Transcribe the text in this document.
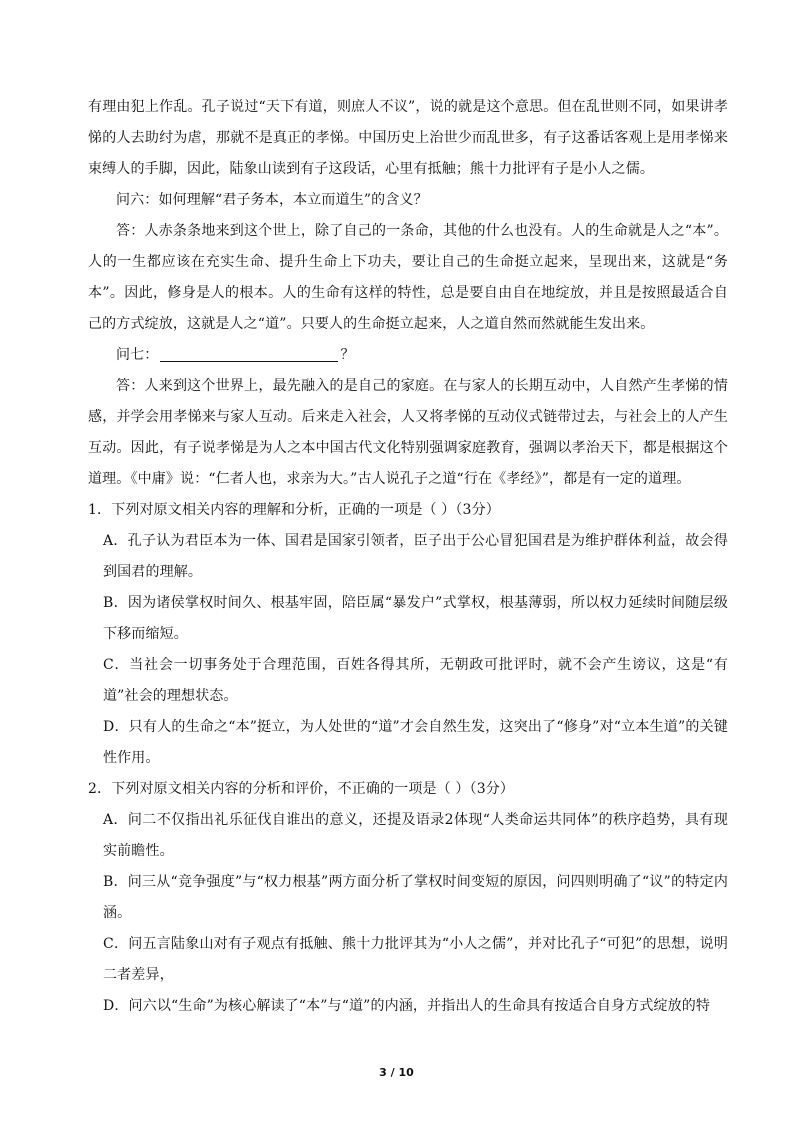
有理由犯上作乱。孔子说过“天下有道，则庶人不议”，说的就是这个意思。但在乱世则不同，如果讲孝悌的人去助纣为虐，那就不是真正的孝悌。中国历史上治世少而乱世多，有子这番话客观上是用孝悌来束缚人的手脚，因此，陆象山读到有子这段话，心里有抵触；熊十力批评有子是小人之儒。

问六：如何理解“君子务本，本立而道生”的含义？

答：人赤条条地来到这个世上，除了自己的一条命，其他的什么也没有。人的生命就是人之“本”。人的一生都应该在充实生命、提升生命上下功夫，要让自己的生命挺立起来，呈现出来，这就是“务本”。因此，修身是人的根本。人的生命有这样的特性，总是要自由自在地绽放，并且是按照最适合自己的方式绽放，这就是人之“道”。只要人的生命挺立起来，人之道自然而然就能生发出来。

问七：	？

答：人来到这个世界上，最先融入的是自己的家庭。在与家人的长期互动中，人自然产生孝悌的情感，并学会用孝悌来与家人互动。后来走入社会，人又将孝悌的互动仪式链带过去，与社会上的人产生互动。因此，有子说孝悌是为人之本中国古代文化特别强调家庭教育，强调以孝治天下，都是根据这个道理。《中庸》说：“仁者人也，求亲为大。”古人说孔子之道“行在《孝经》”，都是有一定的道理。

1．下列对原文相关内容的理解和分析，正确的一项是（ ）（3分）

A．孔子认为君臣本为一体、国君是国家引领者，臣子出于公心冒犯国君是为维护群体利益，故会得到国君的理解。

B．因为诸侯掌权时间久、根基牢固，陪臣属“暴发户”式掌权，根基薄弱，所以权力延续时间随层级下移而缩短。

C．当社会一切事务处于合理范围，百姓各得其所，无朝政可批评时，就不会产生谤议，这是“有道”社会的理想状态。

D．只有人的生命之“本”挺立，为人处世的“道”才会自然生发，这突出了“修身”对“立本生道”的关键性作用。

2．下列对原文相关内容的分析和评价，不正确的一项是（ ）（3分）

A．问二不仅指出礼乐征伐自谁出的意义，还提及语录2体现“人类命运共同体”的秩序趋势，具有现实前瞻性。

B．问三从“竞争强度”与“权力根基”两方面分析了掌权时间变短的原因，问四则明确了“议”的特定内涵。

C．问五言陆象山对有子观点有抵触、熊十力批评其为“小人之儒”，并对比孔子“可犯”的思想，说明二者差异，

D．问六以“生命”为核心解读了“本”与“道”的内涵，并指出人的生命具有按适合自身方式绽放的特

3 / 10
